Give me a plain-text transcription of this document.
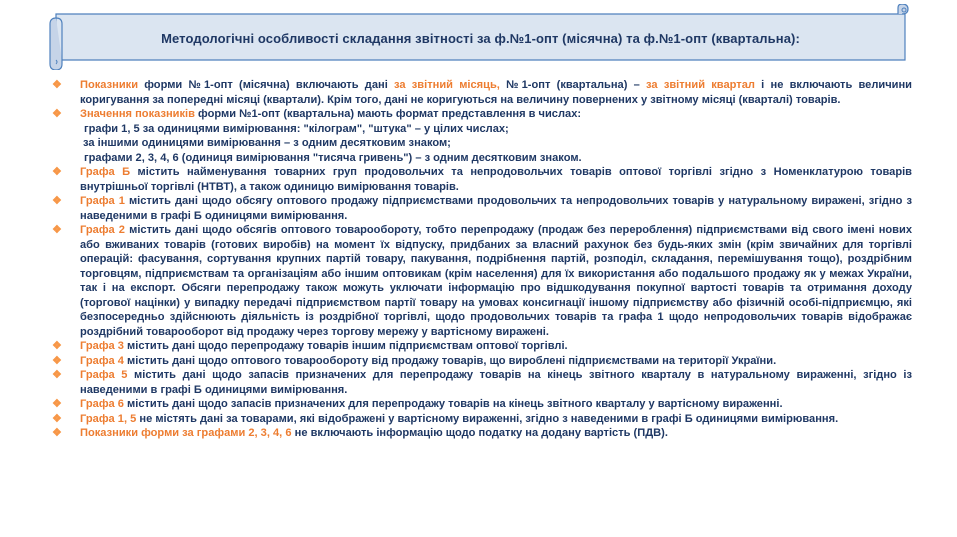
Методологічні особливості складання звітності за ф.№1-опт (місячна) та ф.№1-опт (квартальна):
❖ Показники форми №1-опт (місячна) включають дані за звітний місяць, №1-опт (квартальна) – за звітний квартал і не включають величини коригування за попередні місяці (квартали). Крім того, дані не коригуються на величину повернених у звітному місяці (кварталі) товарів.
❖ Значення показників форми №1-опт (квартальна) мають формат представлення в числах:
графи 1, 5 за одиницями вимірювання: "кілограм", "штука" – у цілих числах;
за іншими одиницями вимірювання – з одним десятковим знаком;
графами 2, 3, 4, 6 (одиниця вимірювання "тисяча гривень") – з одним десятковим знаком.
❖ Графа Б містить найменування товарних груп продовольчих та непродовольчих товарів оптової торгівлі згідно з Номенклатурою товарів внутрішньої торгівлі (НТВТ), а також одиницю вимірювання товарів.
❖ Графа 1 містить дані щодо обсягу оптового продажу підприємствами продовольчих та непродовольчих товарів у натуральному виражені, згідно з наведеними в графі Б одиницями вимірювання.
❖ Графа 2 містить дані щодо обсягів оптового товарообороту, тобто перепродажу (продаж без перероблення) підприємствами від свого імені нових або вживаних товарів (готових виробів) на момент їх відпуску, придбаних за власний рахунок без будь-яких змін (крім звичайних для торгівлі операцій: фасування, сортування крупних партій товару, пакування, подрібнення партій, розподіл, складання, перемішування тощо), роздрібним торговцям, підприємствам та організаціям або іншим оптовикам (крім населення) для їх використання або подальшого продажу як у межах України, так і на експорт. Обсяги перепродажу також можуть уключати інформацію про відшкодування покупної вартості товарів та отримання доходу (торгової націнки) у випадку передачі підприємством партії товару на умовах консигнації іншому підприємству або фізичній особі-підприємцю, які безпосередньо здійснюють діяльність із роздрібної торгівлі, щодо продовольчих товарів та графа 1 щодо непродовольчих товарів відображає роздрібний товарооборот від продажу через торгову мережу у вартісному виражені.
❖ Графа 3 містить дані щодо перепродажу товарів іншим підприємствам оптової торгівлі.
❖ Графа 4 містить дані щодо оптового товарообороту від продажу товарів, що вироблені підприємствами на території України.
❖ Графа 5 містить дані щодо запасів призначених для перепродажу товарів на кінець звітного кварталу в натуральному вираженні, згідно із наведеними в графі Б одиницями вимірювання.
❖ Графа 6 містить дані щодо запасів призначених для перепродажу товарів на кінець звітного кварталу у вартісному вираженні.
❖ Графа 1, 5 не містять дані за товарами, які відображені у вартісному вираженні, згідно з наведеними в графі Б одиницями вимірювання.
❖ Показники форми за графами 2, 3, 4, 6 не включають інформацію щодо податку на додану вартість (ПДВ).
